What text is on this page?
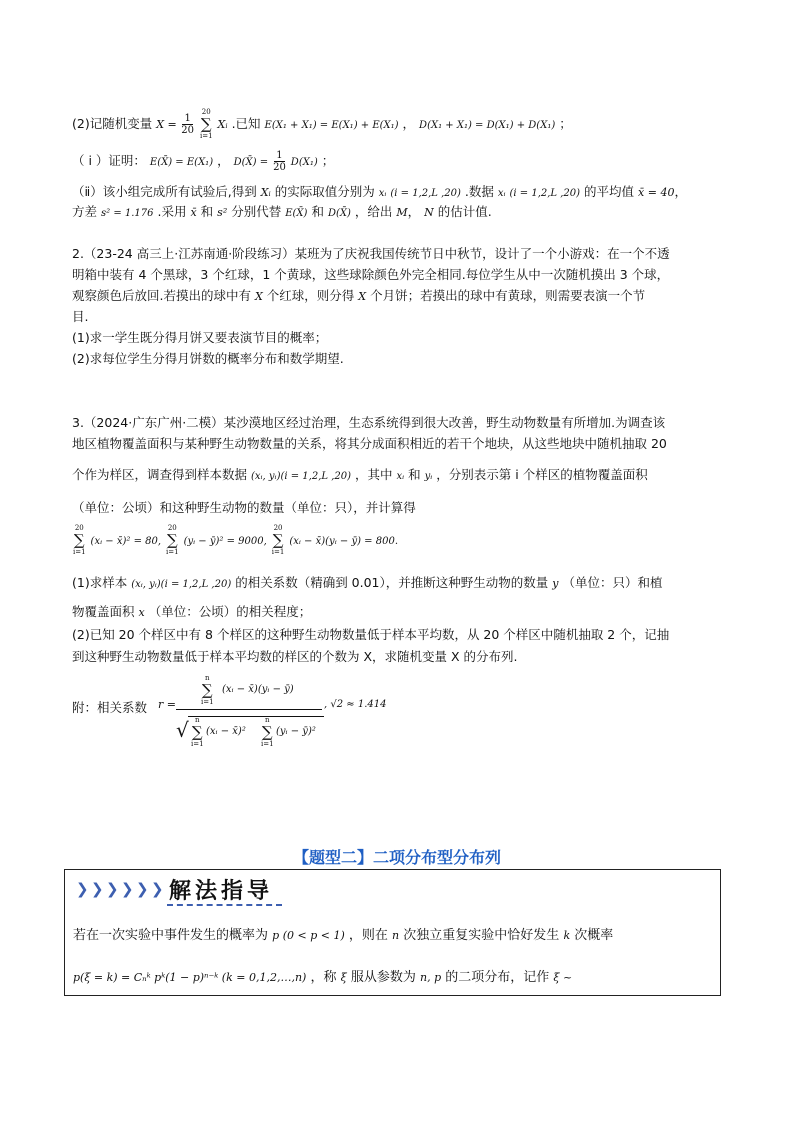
(2)记随机变量 $X = \frac{1}{20}$

20
∑
i=1
Xᵢ .已知 E(X₁ + X₁) = E(X₁) + E(X₁) ， D(X₁ + X₁) = D(X₁) + D(X₁) ；
（ ⅰ ）证明： E(X̄) = E(X₁) ， D(X̄) = $\frac{1}{20} D(X_1)$ ；
（ⅱ）该小组完成所有试验后,得到 Xᵢ 的实际取值分别为 xᵢ (i = 1,2,L ,20) .数据 xᵢ (i = 1,2,L ,20) 的平均值 x̄ = 40，
方差 s² = 1.176 .采用 x̄ 和 s² 分别代替 E(X̄) 和 D(X̄) ，给出 M， N 的估计值.
2.（23-24 高三上·江苏南通·阶段练习）某班为了庆祝我国传统节日中秋节，设计了一个小游戏：在一个不透
明箱中装有 4 个黑球，3 个红球，1 个黄球，这些球除颜色外完全相同.每位学生从中一次随机摸出 3 个球，
观察颜色后放回.若摸出的球中有 X 个红球，则分得 X 个月饼；若摸出的球中有黄球，则需要表演一个节
目.
(1)求一学生既分得月饼又要表演节目的概率；
(2)求每位学生分得月饼数的概率分布和数学期望.
3.（2024·广东广州·二模）某沙漠地区经过治理，生态系统得到很大改善，野生动物数量有所增加.为调查该
地区植物覆盖面积与某种野生动物数量的关系，将其分成面积相近的若干个地块，从这些地块中随机抽取 20
个作为样区，调查得到样本数据 (xᵢ, yᵢ)(i = 1,2,L ,20) ，其中 xᵢ 和 yᵢ ，分别表示第 i 个样区的植物覆盖面积
（单位：公顷）和这种野生动物的数量（单位：只），并计算得
20
∑
i=1
(xᵢ − x̄)² = 80,
20
∑
i=1
(yᵢ − ȳ)² = 9000,
20
∑
i=1
(xᵢ − x̄)(yᵢ − ȳ) = 800.
(1)求样本 (xᵢ, yᵢ)(i = 1,2,L ,20) 的相关系数（精确到 0.01），并推断这种野生动物的数量 y （单位：只）和植
物覆盖面积 x （单位：公顷）的相关程度；
(2)已知 20 个样区中有 8 个样区的这种野生动物数量低于样本平均数，从 20 个样区中随机抽取 2 个，记抽
到这种野生动物数量低于样本平均数的样区的个数为 X，求随机变量 X 的分布列.
附：相关系数 r =
n
∑
i=1
(xᵢ − x̄)(yᵢ − ȳ)
√ n
∑
i=1
(xᵢ − x̄)²
n
∑
i=1
(yᵢ − ȳ)²
, √2 ≈ 1.414
【题型二】二项分布型分布列
❯ ❯ ❯ ❯ ❯ ❯ 解法指导
若在一次实验中事件发生的概率为 p (0 < p < 1) ，则在 n 次独立重复实验中恰好发生 k 次概率
p(ξ = k) = Cₙᵏ pᵏ(1 − p)ⁿ⁻ᵏ (k = 0,1,2,…,n) ，称 ξ 服从参数为 n, p 的二项分布，记作 ξ ~
